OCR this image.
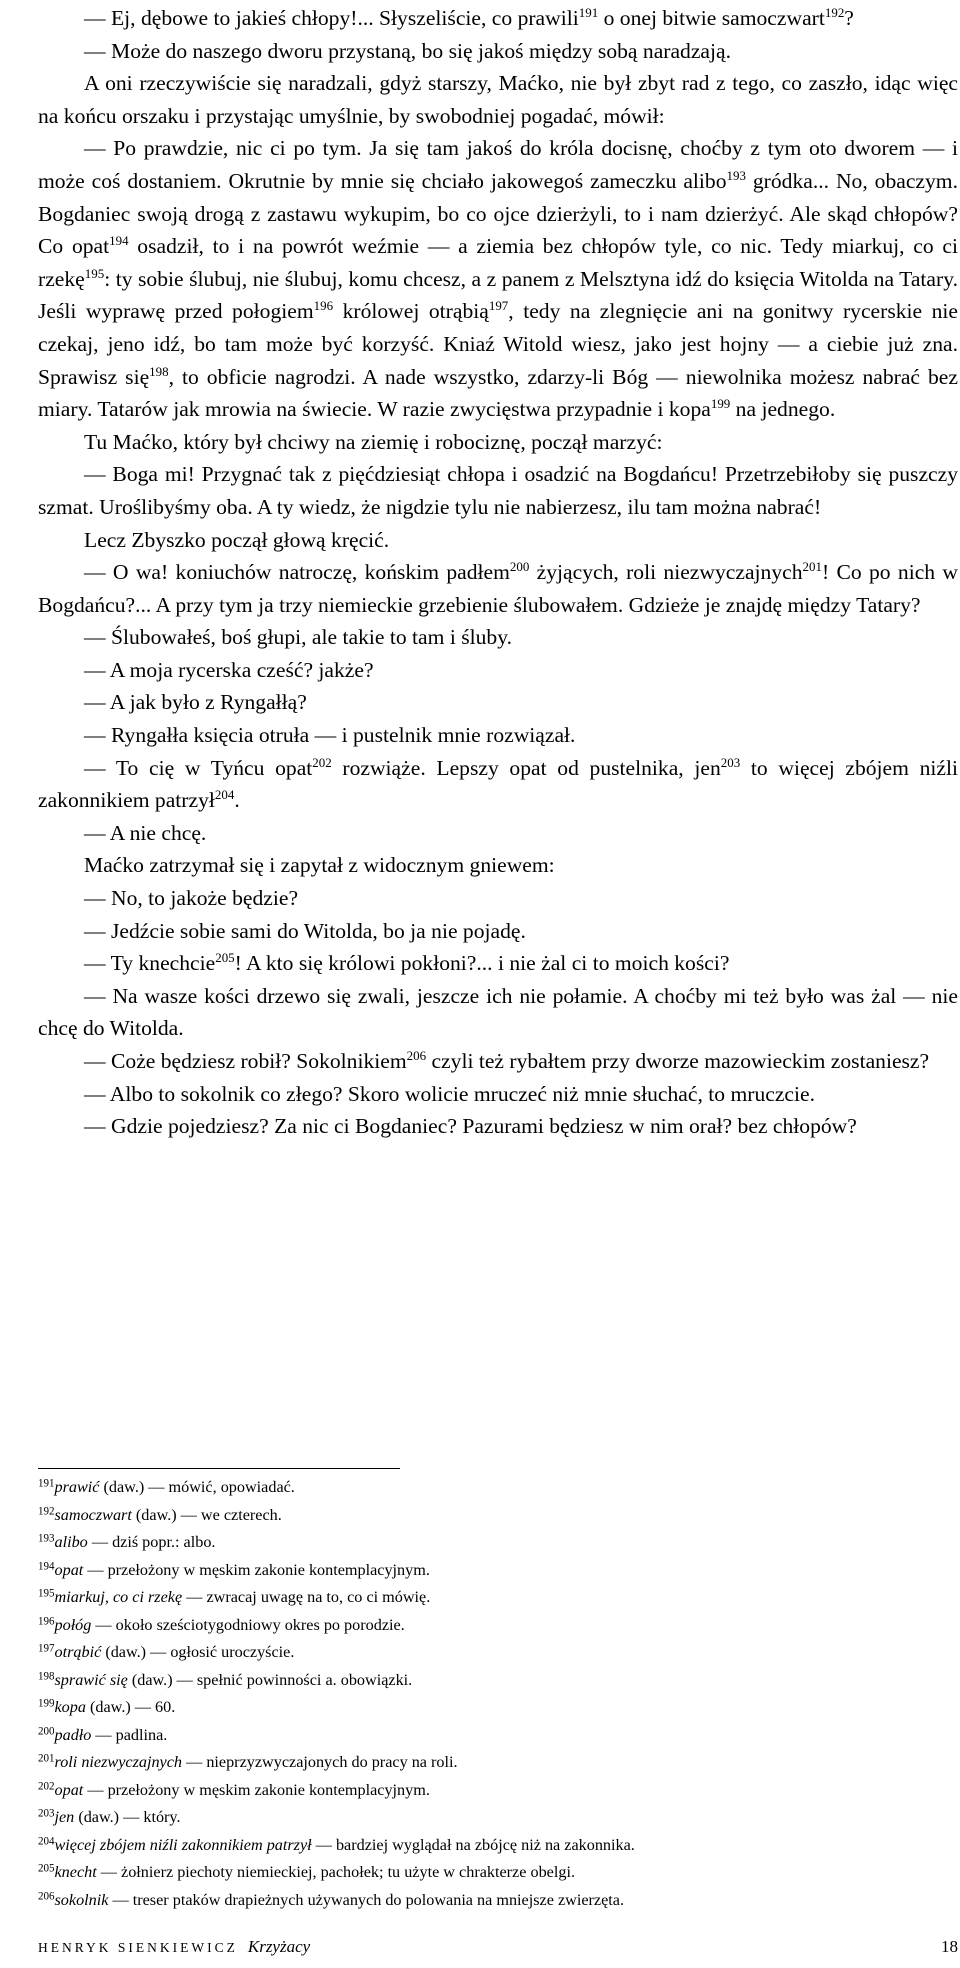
— Ej, dębowe to jakieś chłopy!... Słyszeliście, co prawili$^{191}$ o onej bitwie samoczwart$^{192}$?

— Może do naszego dworu przystaną, bo się jakoś między sobą naradzają.

A oni rzeczywiście się naradzali, gdyż starszy, Maćko, nie był zbyt rad z tego, co zaszło, idąc więc na końcu orszaku i przystając umyślnie, by swobodniej pogadać, mówił:

— Po prawdzie, nic ci po tym. Ja się tam jakoś do króla docisnę, choćby z tym oto dworem — i może coś dostaniem. Okrutnie by mnie się chciało jakowegoś zameczku alibo$^{193}$ gródka... No, obaczym. Bogdaniec swoją drogą z zastawu wykupim, bo co ojce dzierżyli, to i nam dzierżyć. Ale skąd chłopów? Co opat$^{194}$ osadził, to i na powrót weźmie — a ziemia bez chłopów tyle, co nic. Tedy miarkuj, co ci rzekę$^{195}$: ty sobie ślubuj, nie ślubuj, komu chcesz, a z panem z Melsztyna idź do księcia Witolda na Tatary. Jeśli wyprawę przed połogiem$^{196}$ królowej otrąbią$^{197}$, tedy na zlegnięcie ani na gonitwy rycerskie nie czekaj, jeno idź, bo tam może być korzyść. Kniaź Witold wiesz, jako jest hojny — a ciebie już zna. Sprawisz się$^{198}$, to obficie nagrodzi. A nade wszystko, zdarzy-li Bóg — niewolnika możesz nabrać bez miary. Tatarów jak mrowia na świecie. W razie zwycięstwa przypadnie i kopa$^{199}$ na jednego.

Tu Maćko, który był chciwy na ziemię i robociznę, począł marzyć:

— Boga mi! Przygnać tak z pięćdziesiąt chłopa i osadzić na Bogdańcu! Przetrzebiłoby się puszczy szmat. Uroślibyśmy oba. A ty wiedz, że nigdzie tylu nie nabierzesz, ilu tam można nabrać!

Lecz Zbyszko począł głową kręcić.

— O wa! koniuchów natroczę, końskim padłem$^{200}$ żyjących, roli niezwyczajnych$^{201}$! Co po nich w Bogdańcu?... A przy tym ja trzy niemieckie grzebienie ślubowałem. Gdzieże je znajdę między Tatary?

— Ślubowałeś, boś głupi, ale takie to tam i śluby.

— A moja rycerska cześć? jakże?

— A jak było z Ryngałłą?

— Ryngałła księcia otruła — i pustelnik mnie rozwiązał.

— To cię w Tyńcu opat$^{202}$ rozwiąże. Lepszy opat od pustelnika, jen$^{203}$ to więcej zbójem niźli zakonnikiem patrzył$^{204}$.

— A nie chcę.

Maćko zatrzymał się i zapytał z widocznym gniewem:

— No, to jakoże będzie?

— Jedźcie sobie sami do Witolda, bo ja nie pojadę.

— Ty knechcie$^{205}$! A kto się królowi pokłoni?... i nie żal ci to moich kości?

— Na wasze kości drzewo się zwali, jeszcze ich nie połamie. A choćby mi też było was żal — nie chcę do Witolda.

— Coże będziesz robił? Sokolnikiem$^{206}$ czyli też rybałtem przy dworze mazowieckim zostaniesz?

— Albo to sokolnik co złego? Skoro wolicie mruczeć niż mnie słuchać, to mruczcie.

— Gdzie pojedziesz? Za nic ci Bogdaniec? Pazurami będziesz w nim orał? bez chłopów?

$^{191}$prawić (daw.) — mówić, opowiadać.
$^{192}$samoczwart (daw.) — we czterech.
$^{193}$alibo — dziś popr.: albo.
$^{194}$opat — przełożony w męskim zakonie kontemplacyjnym.
$^{195}$miarkuj, co ci rzekę — zwracaj uwagę na to, co ci mówię.
$^{196}$połóg — około sześciotygodniowy okres po porodzie.
$^{197}$otrąbić (daw.) — ogłosić uroczyście.
$^{198}$sprawić się (daw.) — spełnić powinności a. obowiązki.
$^{199}$kopa (daw.) — 60.
$^{200}$padło — padlina.
$^{201}$roli niezwyczajnych — nieprzyzwyczajonych do pracy na roli.
$^{202}$opat — przełożony w męskim zakonie kontemplacyjnym.
$^{203}$jen (daw.) — który.
$^{204}$więcej zbójem niźli zakonnikiem patrzył — bardziej wyglądał na zbójcę niż na zakonnika.
$^{205}$knecht — żołnierz piechoty niemieckiej, pachołek; tu użyte w chrakterze obelgi.
$^{206}$sokolnik — treser ptaków drapieżnych używanych do polowania na mniejsze zwierzęta.
HENRYK SIENKIEWICZ Krzyżacy	18
